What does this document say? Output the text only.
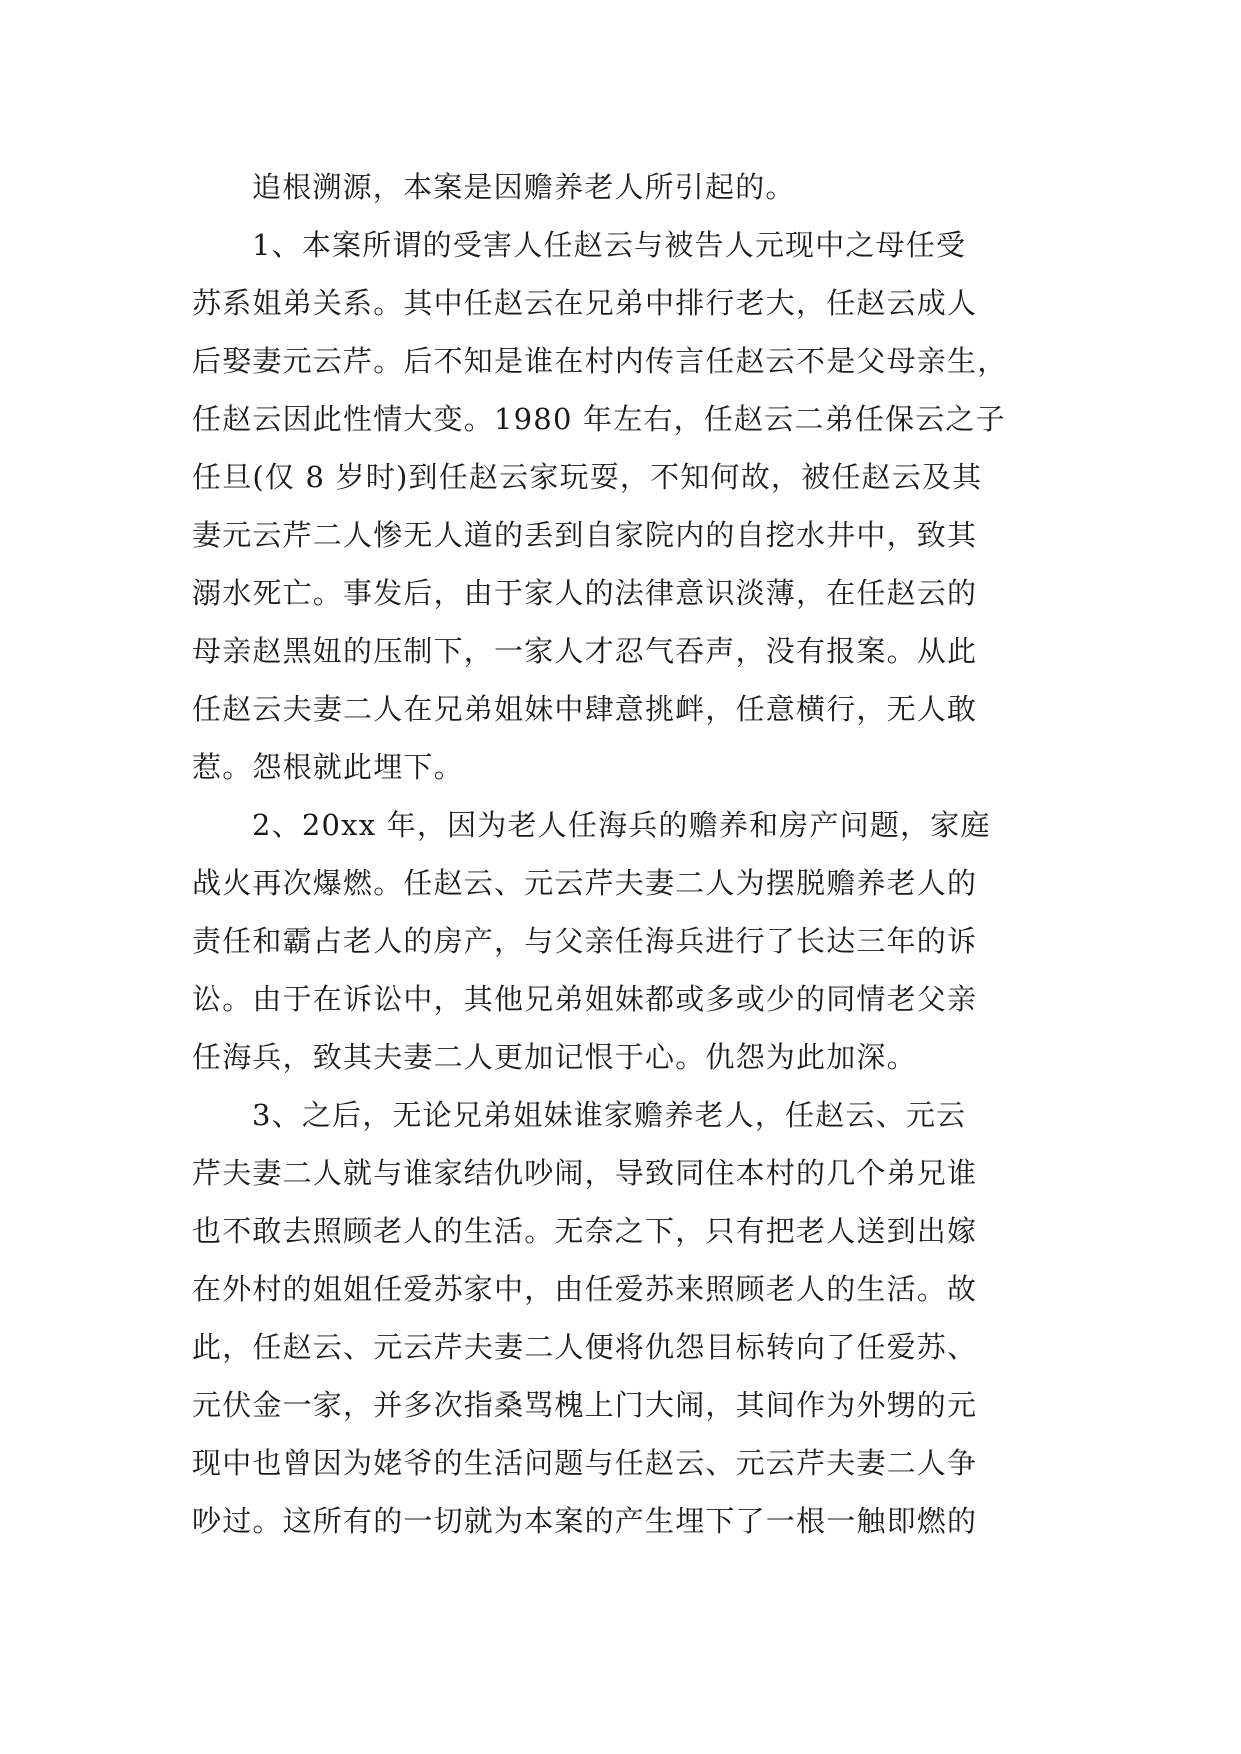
追根溯源，本案是因赡养老人所引起的。
1、本案所谓的受害人任赵云与被告人元现中之母任受
苏系姐弟关系。其中任赵云在兄弟中排行老大，任赵云成人
后娶妻元云芹。后不知是谁在村内传言任赵云不是父母亲生，
任赵云因此性情大变。1980 年左右，任赵云二弟任保云之子
任旦(仅 8 岁时)到任赵云家玩耍，不知何故，被任赵云及其
妻元云芹二人惨无人道的丢到自家院内的自挖水井中，致其
溺水死亡。事发后，由于家人的法律意识淡薄，在任赵云的
母亲赵黑妞的压制下，一家人才忍气吞声，没有报案。从此
任赵云夫妻二人在兄弟姐妹中肆意挑衅，任意横行，无人敢
惹。怨根就此埋下。
2、20xx 年，因为老人任海兵的赡养和房产问题，家庭
战火再次爆燃。任赵云、元云芹夫妻二人为摆脱赡养老人的
责任和霸占老人的房产，与父亲任海兵进行了长达三年的诉
讼。由于在诉讼中，其他兄弟姐妹都或多或少的同情老父亲
任海兵，致其夫妻二人更加记恨于心。仇怨为此加深。
3、之后，无论兄弟姐妹谁家赡养老人，任赵云、元云
芹夫妻二人就与谁家结仇吵闹，导致同住本村的几个弟兄谁
也不敢去照顾老人的生活。无奈之下，只有把老人送到出嫁
在外村的姐姐任爱苏家中，由任爱苏来照顾老人的生活。故
此，任赵云、元云芹夫妻二人便将仇怨目标转向了任爱苏、
元伏金一家，并多次指桑骂槐上门大闹，其间作为外甥的元
现中也曾因为姥爷的生活问题与任赵云、元云芹夫妻二人争
吵过。这所有的一切就为本案的产生埋下了一根一触即燃的
